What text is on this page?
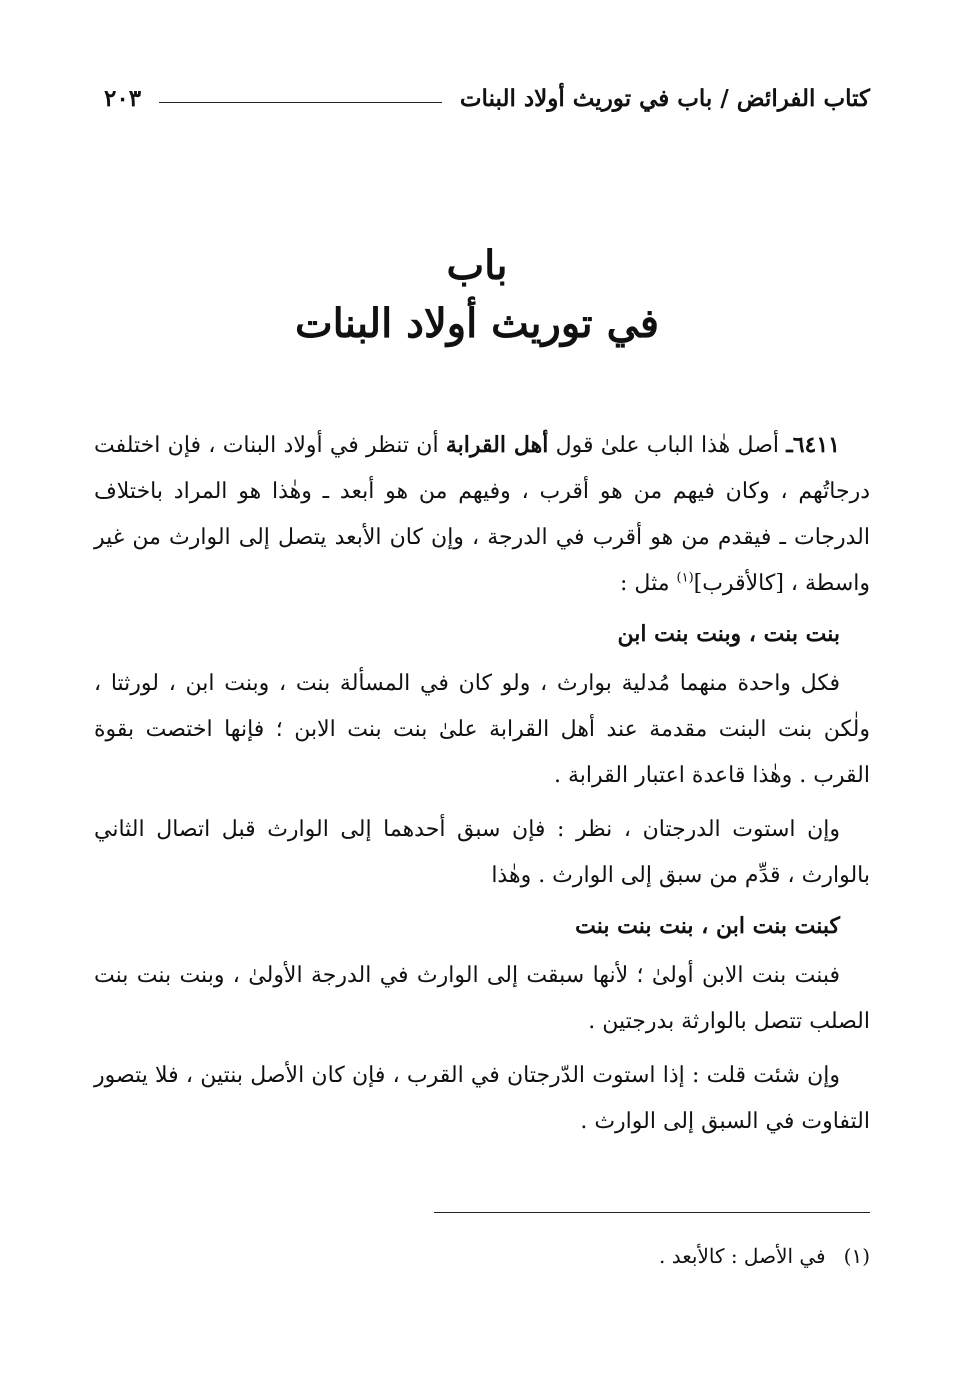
كتاب الفرائض / باب في توريث أولاد البنات
٢٠٣
باب
في توريث أولاد البنات

٦٤١١ـ أصل هٰذا الباب علىٰ قول أهل القرابة أن تنظر في أولاد البنات ، فإن اختلفت درجاتُهم ، وكان فيهم من هو أقرب ، وفيهم من هو أبعد ـ وهٰذا هو المراد باختلاف الدرجات ـ فيقدم من هو أقرب في الدرجة ، وإن كان الأبعد يتصل إلى الوارث من غير واسطة ، [كالأقرب]$^{(١)}$ مثل :

بنت بنت ، وبنت بنت ابن

فكل واحدة منهما مُدلية بوارث ، ولو كان في المسألة بنت ، وبنت ابن ، لورثتا ، ولٰكن بنت البنت مقدمة عند أهل القرابة علىٰ بنت بنت الابن ؛ فإنها اختصت بقوة القرب . وهٰذا قاعدة اعتبار القرابة .

وإن استوت الدرجتان ، نظر : فإن سبق أحدهما إلى الوارث قبل اتصال الثاني بالوارث ، قدِّم من سبق إلى الوارث . وهٰذا

كبنت بنت ابن ، بنت بنت بنت

فبنت بنت الابن أولىٰ ؛ لأنها سبقت إلى الوارث في الدرجة الأولىٰ ، وبنت بنت بنت الصلب تتصل بالوارثة بدرجتين .

وإن شئت قلت : إذا استوت الدّرجتان في القرب ، فإن كان الأصل بنتين ، فلا يتصور التفاوت في السبق إلى الوارث .

(١)في الأصل : كالأبعد .
